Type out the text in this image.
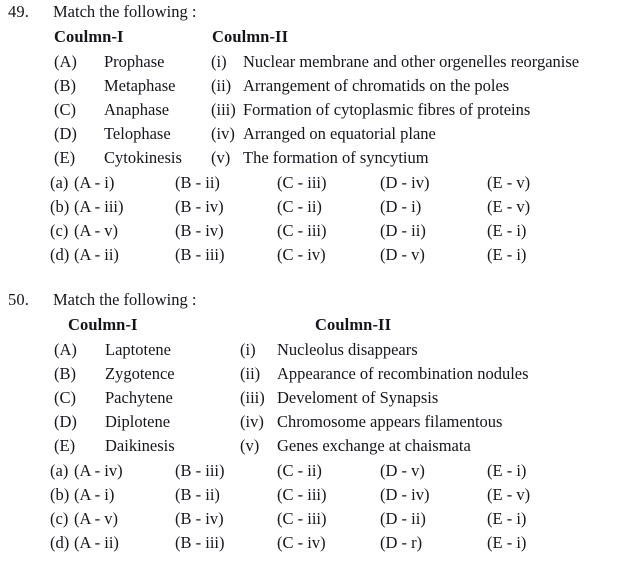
49. Match the following :
Coulmn-I	Coulmn-II
(A) Prophase	(i) Nuclear membrane and other orgenelles reorganise
(B) Metaphase (ii) Arrangement of chromatids on the poles
(C) Anaphase	(iii) Formation of cytoplasmic fibres of proteins
(D) Telophase (iv) Arranged on equatorial plane
(E) Cytokinesis (v) The formation of syncytium
(a) (A - i)	(B - ii)	(C - iii)	(D - iv)	(E - v)
(b) (A - iii)	(B - iv)	(C - ii)	(D - i)	(E - v)
(c) (A - v)	(B - iv)	(C - iii)	(D - ii)	(E - i)
(d) (A - ii)	(B - iii)	(C - iv)	(D - v)	(E - i)
50. Match the following :
Coulmn-I	Coulmn-II
(A) Laptotene	(i) Nucleolus disappears
(B) Zygotence	(ii) Appearance of recombination nodules
(C) Pachytene	(iii) Develoment of Synapsis
(D) Diplotene	(iv) Chromosome appears filamentous
(E) Daikinesis	(v) Genes exchange at chaismata
(a) (A - iv)	(B - iii)	(C - ii)	(D - v)	(E - i)
(b) (A - i)	(B - ii)	(C - iii)	(D - iv)	(E - v)
(c) (A - v)	(B - iv)	(C - iii)	(D - ii)	(E - i)
(d) (A - ii)	(B - iii)	(C - iv)	(D - r)	(E - i)
